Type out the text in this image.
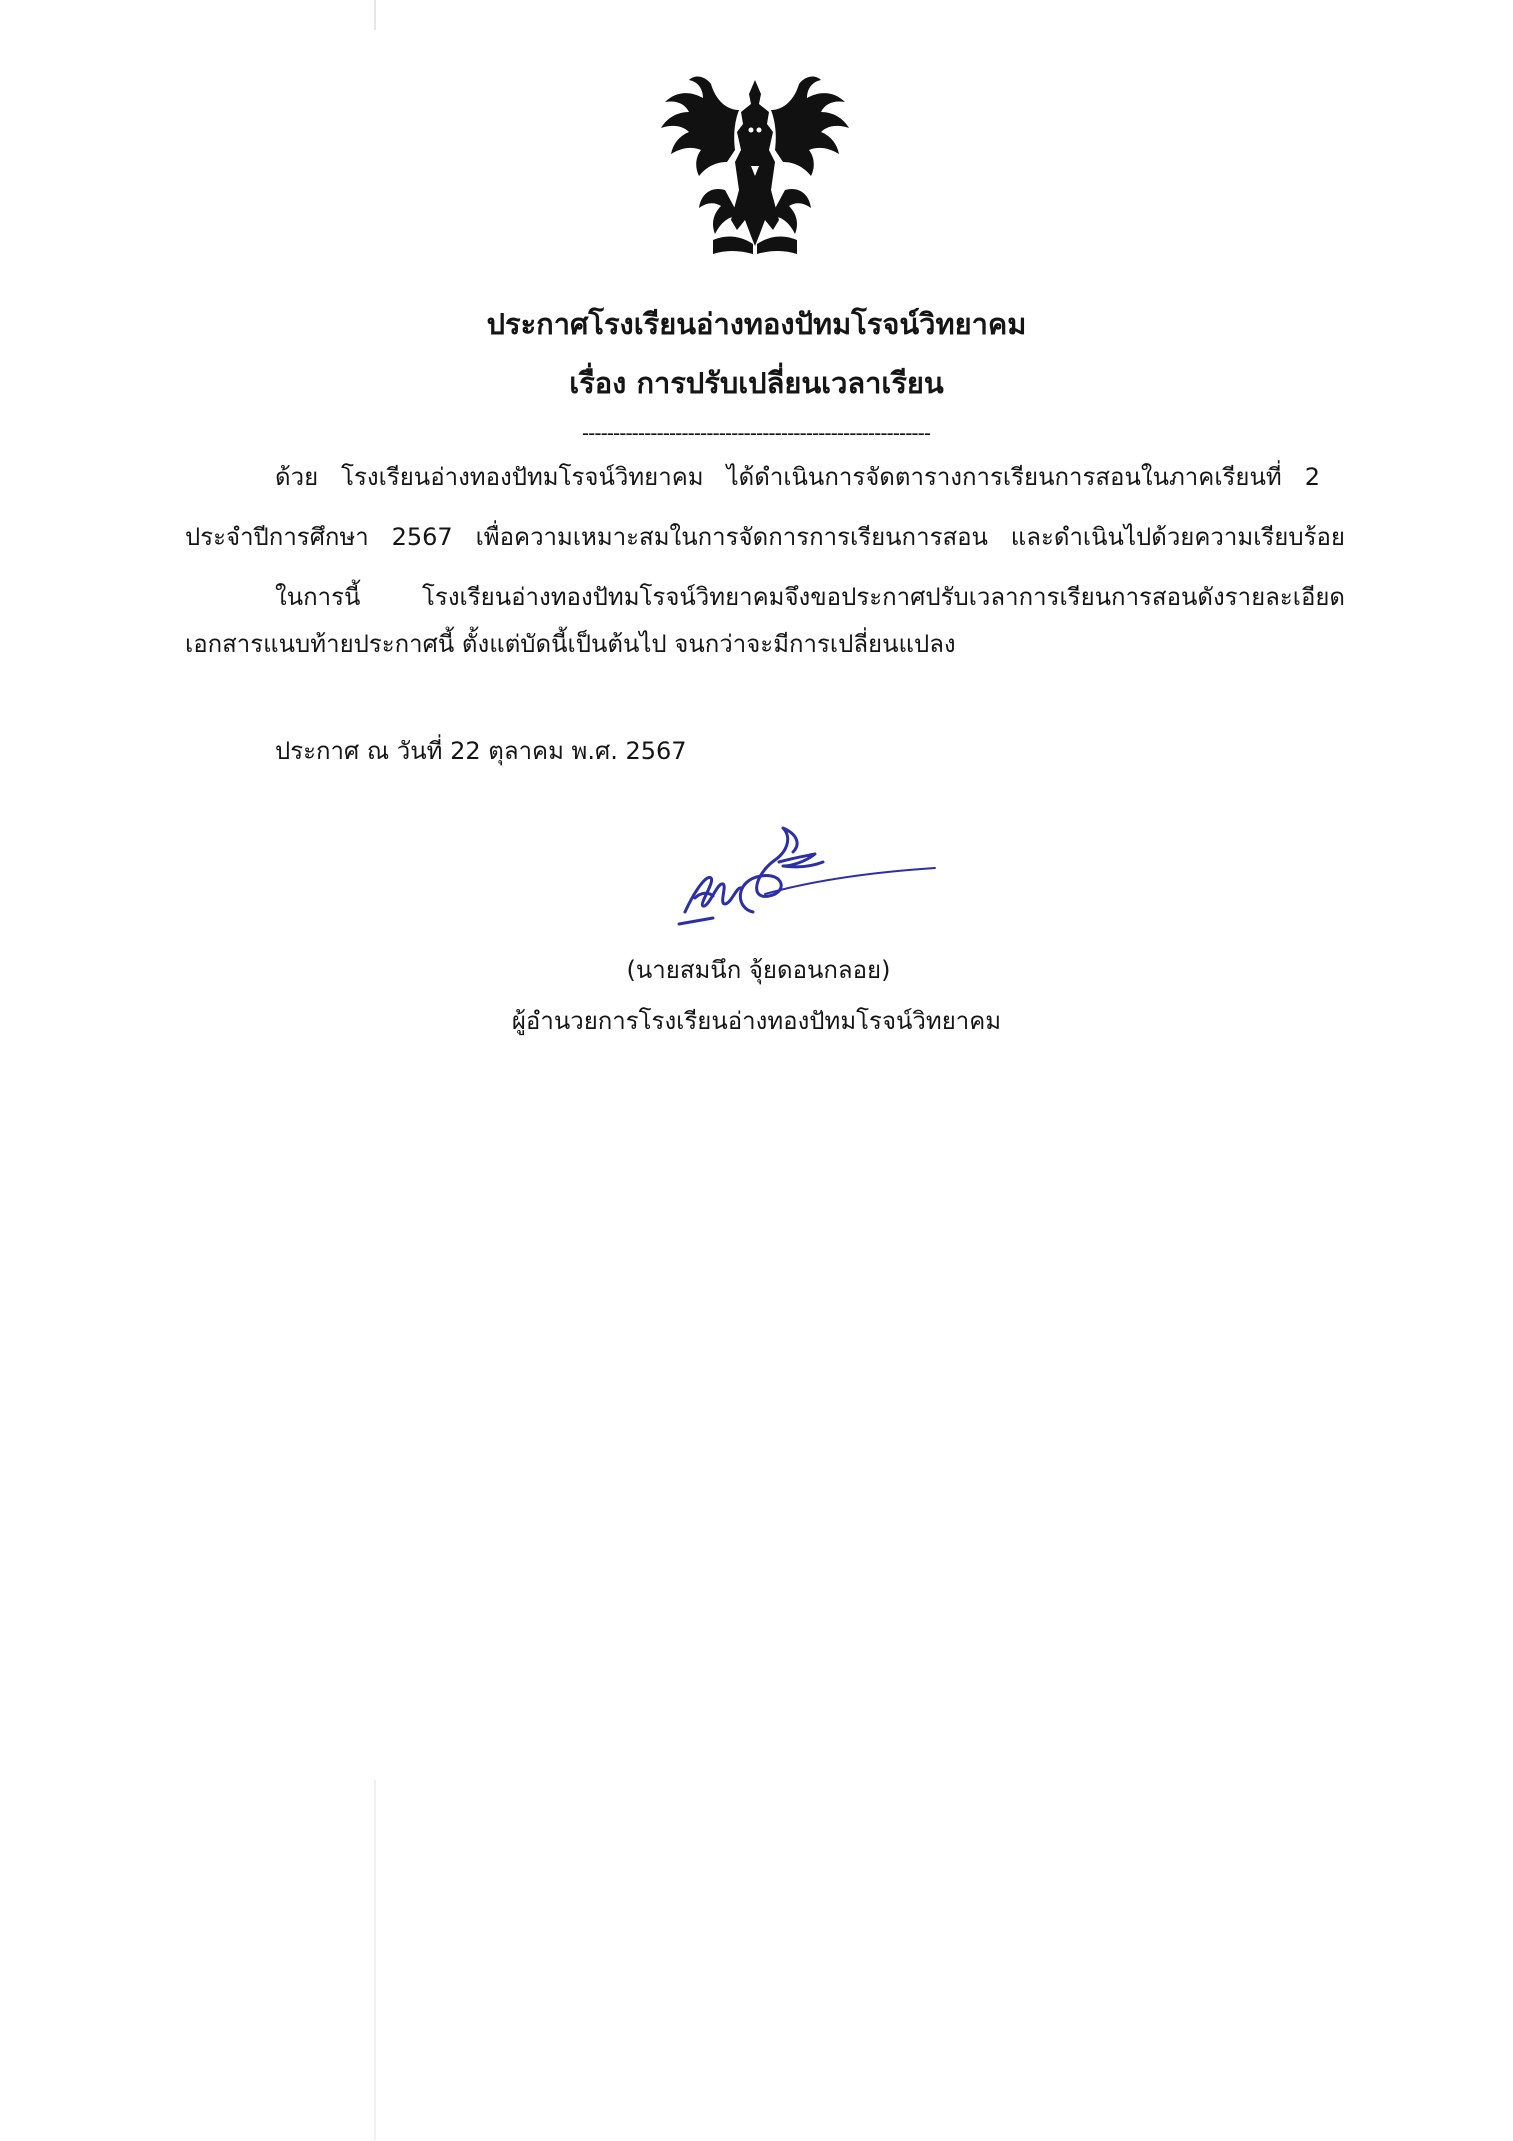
ประกาศโรงเรียนอ่างทองปัทมโรจน์วิทยาคม
เรื่อง การปรับเปลี่ยนเวลาเรียน
--------------------------------------------------------
ด้วย โรงเรียนอ่างทองปัทมโรจน์วิทยาคม ได้ดำเนินการจัดตารางการเรียนการสอนในภาคเรียนที่ 2
ประจำปีการศึกษา 2567 เพื่อความเหมาะสมในการจัดการการเรียนการสอน และดำเนินไปด้วยความเรียบร้อย
ในการนี้	โรงเรียนอ่างทองปัทมโรจน์วิทยาคมจึงขอประกาศปรับเวลาการเรียนการสอนดังรายละเอียด
เอกสารแนบท้ายประกาศนี้ ตั้งแต่บัดนี้เป็นต้นไป จนกว่าจะมีการเปลี่ยนแปลง
ประกาศ ณ วันที่ 22 ตุลาคม พ.ศ. 2567
(นายสมนึก จุ้ยดอนกลอย)
ผู้อำนวยการโรงเรียนอ่างทองปัทมโรจน์วิทยาคม
